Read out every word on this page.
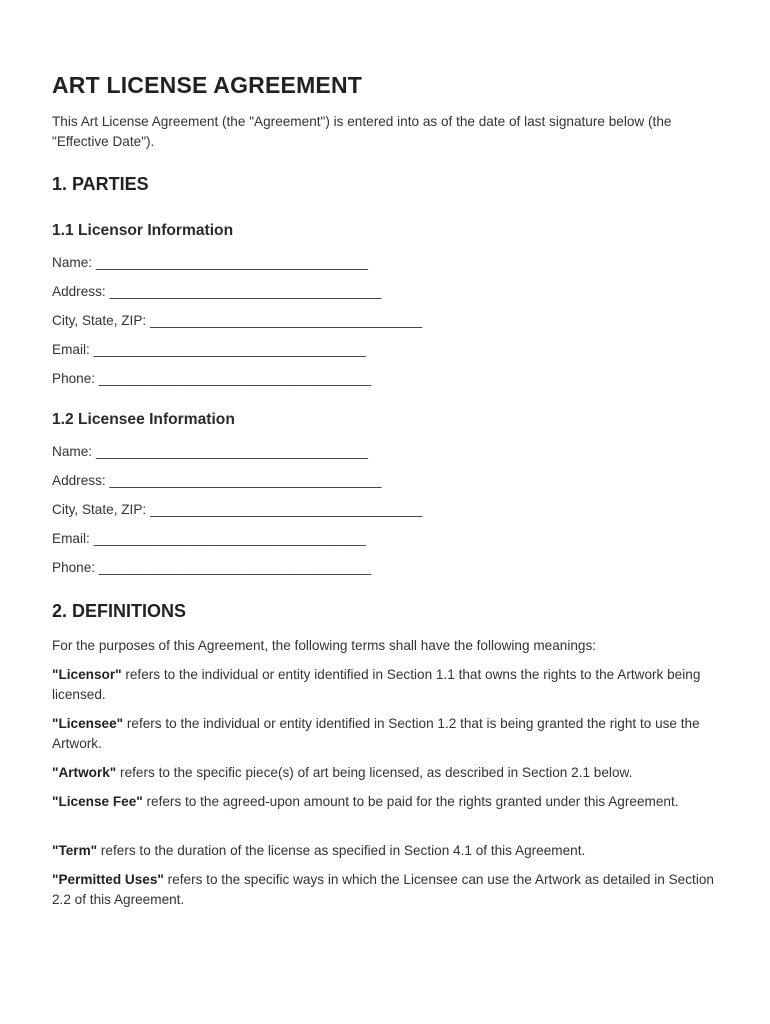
ART LICENSE AGREEMENT

This Art License Agreement (the "Agreement") is entered into as of the date of last signature below (the "Effective Date").

1. PARTIES
1.1 Licensor Information
Name: ____________________________________
Address: ____________________________________
City, State, ZIP: ____________________________________
Email: ____________________________________
Phone: ____________________________________
1.2 Licensee Information
Name: ____________________________________
Address: ____________________________________
City, State, ZIP: ____________________________________
Email: ____________________________________
Phone: ____________________________________
2. DEFINITIONS

For the purposes of this Agreement, the following terms shall have the following meanings:

"Licensor" refers to the individual or entity identified in Section 1.1 that owns the rights to the Artwork being licensed.

"Licensee" refers to the individual or entity identified in Section 1.2 that is being granted the right to use the Artwork.

"Artwork" refers to the specific piece(s) of art being licensed, as described in Section 2.1 below.

"License Fee" refers to the agreed-upon amount to be paid for the rights granted under this Agreement.

"Term" refers to the duration of the license as specified in Section 4.1 of this Agreement.

"Permitted Uses" refers to the specific ways in which the Licensee can use the Artwork as detailed in Section 2.2 of this Agreement.
